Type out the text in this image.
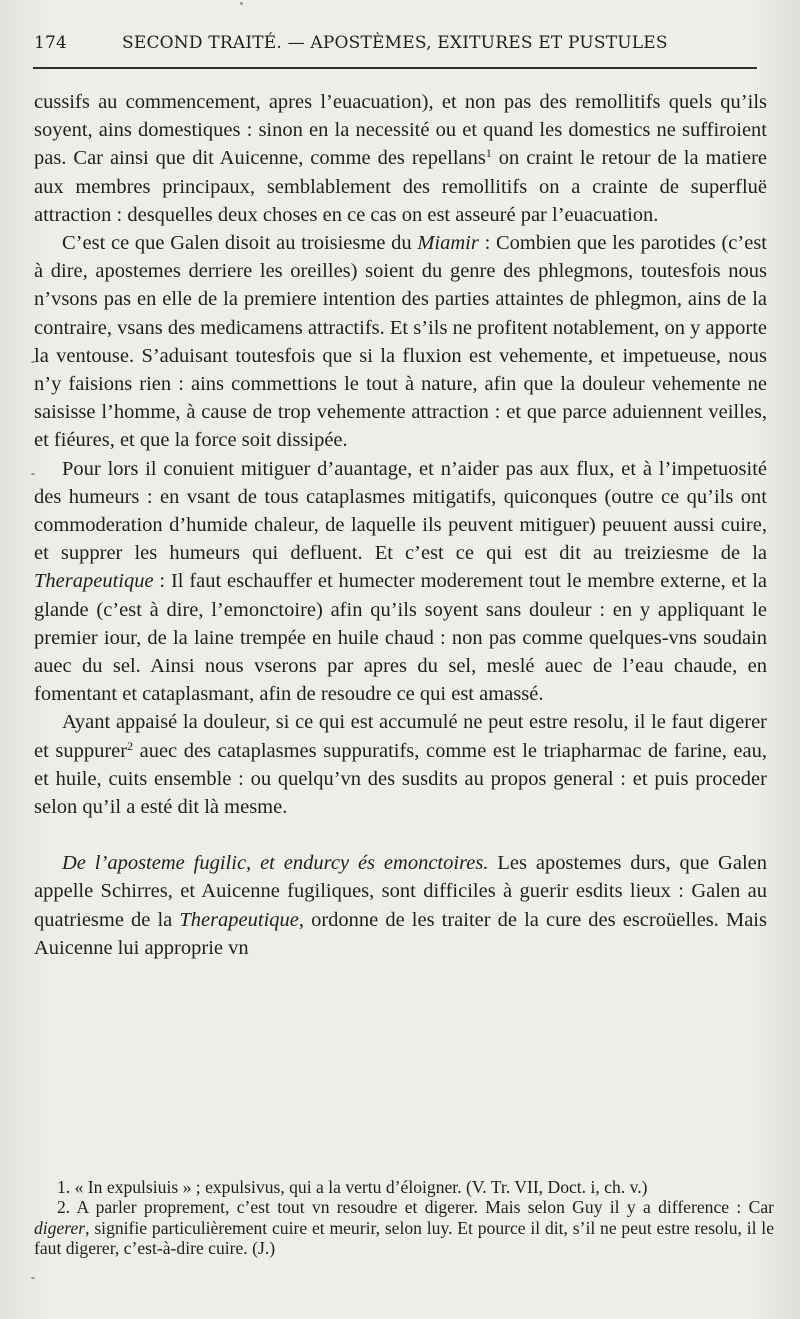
174	SECOND TRAITÉ. — APOSTÈMES, EXITURES ET PUSTULES

cussifs au commencement, apres l’euacuation), et non pas des remollitifs quels qu’ils soyent, ains domestiques : sinon en la necessité ou et quand les domestics ne suffiroient pas. Car ainsi que dit Auicenne, comme des repellans$^1$ on craint le retour de la matiere aux membres principaux, semblablement des remollitifs on a crainte de superfluë attraction : desquelles deux choses en ce cas on est asseuré par l’euacuation.

C’est ce que Galen disoit au troisiesme du Miamir : Combien que les parotides (c’est à dire, apostemes derriere les oreilles) soient du genre des phlegmons, toutesfois nous n’vsons pas en elle de la premiere intention des parties attaintes de phlegmon, ains de la contraire, vsans des medicamens attractifs. Et s’ils ne profitent notablement, on y apporte la ventouse. S’aduisant toutesfois que si la fluxion est vehemente, et impetueuse, nous n’y faisions rien : ains commettions le tout à nature, afin que la douleur vehemente ne saisisse l’homme, à cause de trop vehemente attraction : et que parce aduiennent veilles, et fiéures, et que la force soit dissipée.

Pour lors il conuient mitiguer d’auantage, et n’aider pas aux flux, et à l’impetuosité des humeurs : en vsant de tous cataplasmes mitigatifs, quiconques (outre ce qu’ils ont commoderation d’humide chaleur, de laquelle ils peuvent mitiguer) peuuent aussi cuire, et supprer les humeurs qui defluent. Et c’est ce qui est dit au treiziesme de la Therapeutique : Il faut eschauffer et humecter moderement tout le membre externe, et la glande (c’est à dire, l’emonctoire) afin qu’ils soyent sans douleur : en y appliquant le premier iour, de la laine trempée en huile chaud : non pas comme quelques-vns soudain auec du sel. Ainsi nous vserons par apres du sel, meslé auec de l’eau chaude, en fomentant et cataplasmant, afin de resoudre ce qui est amassé.

Ayant appaisé la douleur, si ce qui est accumulé ne peut estre resolu, il le faut digerer et suppurer$^2$ auec des cataplasmes suppuratifs, comme est le triapharmac de farine, eau, et huile, cuits ensemble : ou quelqu’vn des susdits au propos general : et puis proceder selon qu’il a esté dit là mesme.

De l’aposteme fugilic, et endurcy és emonctoires. Les apostemes durs, que Galen appelle Schirres, et Auicenne fugiliques, sont difficiles à guerir esdits lieux : Galen au quatriesme de la Therapeutique, ordonne de les traiter de la cure des escroüelles. Mais Auicenne lui approprie vn

1. « In expulsiuis » ; expulsivus, qui a la vertu d’éloigner. (V. Tr. VII, Doct. i, ch. v.)

2. A parler proprement, c’est tout vn resoudre et digerer. Mais selon Guy il y a difference : Car digerer, signifie particulièrement cuire et meurir, selon luy. Et pource il dit, s’il ne peut estre resolu, il le faut digerer, c’est-à-dire cuire. (J.)
